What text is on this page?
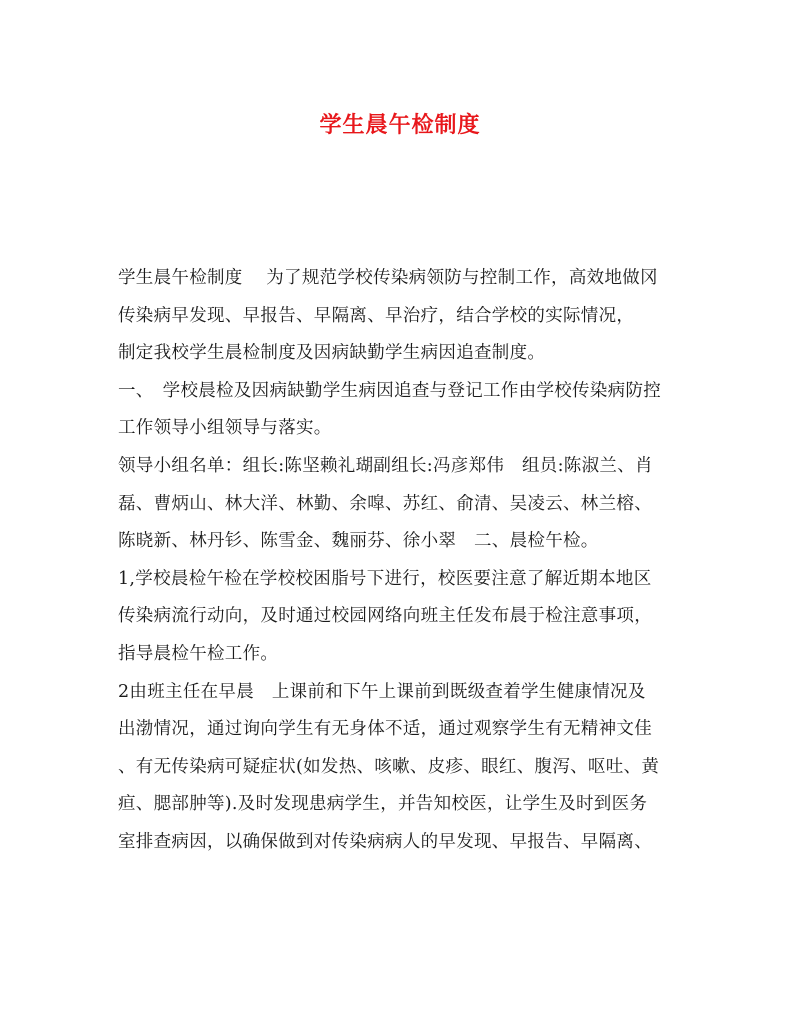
学生晨午检制度
学生晨午检制度　 为了规范学校传染病领防与控制工作，高效地做冈
传染病早发现、早报告、早隔离、早治疗，结合学校的实际情况，
制定我校学生晨检制度及因病缺勤学生病因追查制度。
一、　学校晨检及因病缺勤学生病因追查与登记工作由学校传染病防控
工作领导小组领导与落实。
领导小组名单：组长:陈坚赖礼瑚副组长:冯彦郑伟　组员:陈淑兰、肖
磊、曹炳山、林大洋、林勤、余噑、苏红、俞清、吴凌云、林兰榕、
陈晓新、林丹钐、陈雪金、魏丽芬、徐小翠　二、晨检午检。
1,学校晨检午检在学校校困脂号下进行，校医要注意了解近期本地区
传染病流行动向，及时通过校园网络向班主任发布晨于检注意事项，
指导晨检午检工作。
2由班主任在早晨　上课前和下午上课前到既级查着学生健康情况及
出渤情况，通过询向学生有无身体不适，通过观察学生有无精神文佳
、有无传染病可疑症状(如发热、咳嗽、皮疹、眼红、腹泻、呕吐、黄
疸、腮部肿等).及时发现患病学生，并告知校医，让学生及时到医务
室排查病因，以确保做到对传染病病人的早发现、早报告、早隔离、
